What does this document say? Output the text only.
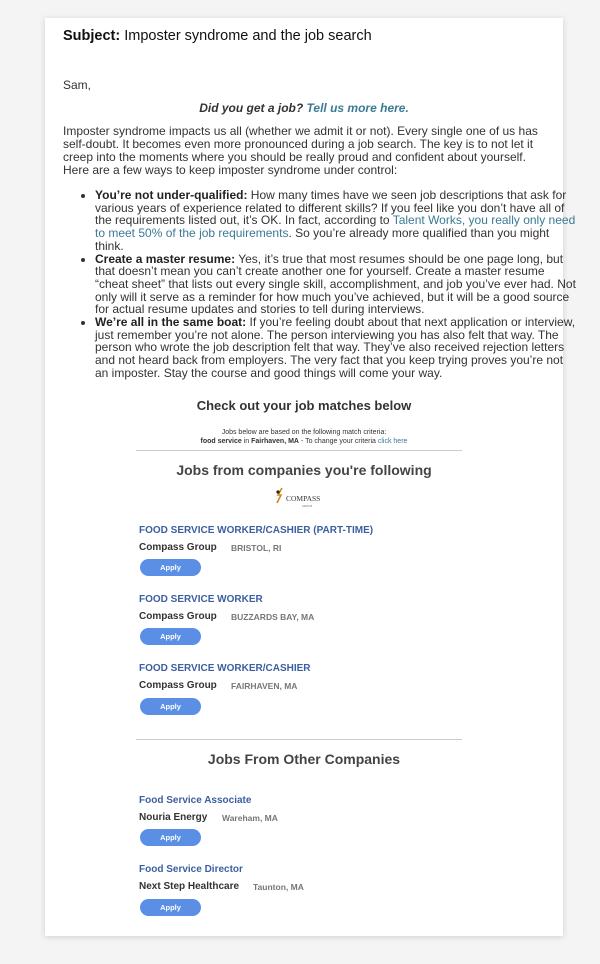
Subject: Imposter syndrome and the job search
Sam,
Did you get a job? Tell us more here.
Imposter syndrome impacts us all (whether we admit it or not). Every single one of us has self-doubt. It becomes even more pronounced during a job search. The key is to not let it creep into the moments where you should be really proud and confident about yourself. Here are a few ways to keep imposter syndrome under control:
• You’re not under-qualified: How many times have we seen job descriptions that ask for various years of experience related to different skills? If you feel like you don’t have all of the requirements listed out, it’s OK. In fact, according to Talent Works, you really only need to meet 50% of the job requirements. So you’re already more qualified than you might think.
• Create a master resume: Yes, it’s true that most resumes should be one page long, but that doesn’t mean you can’t create another one for yourself. Create a master resume “cheat sheet” that lists out every single skill, accomplishment, and job you’ve ever had. Not only will it serve as a reminder for how much you’ve achieved, but it will be a good source for actual resume updates and stories to tell during interviews.
• We’re all in the same boat: If you’re feeling doubt about that next application or interview, just remember you’re not alone. The person interviewing you has also felt that way. The person who wrote the job description felt that way. They’ve also received rejection letters and not heard back from employers. The very fact that you keep trying proves you’re not an imposter. Stay the course and good things will come your way.
Check out your job matches below
Jobs below are based on the following match criteria:
food service in Fairhaven, MA - To change your criteria click here
Jobs from companies you're following
COMPASS
GROUP
FOOD SERVICE WORKER/CASHIER (PART-TIME)
Compass Group BRISTOL, RI
Apply
FOOD SERVICE WORKER
Compass Group BUZZARDS BAY, MA
Apply
FOOD SERVICE WORKER/CASHIER
Compass Group FAIRHAVEN, MA
Apply
Jobs From Other Companies
Food Service Associate
Nouria Energy Wareham, MA
Apply
Food Service Director
Next Step Healthcare Taunton, MA
Apply
